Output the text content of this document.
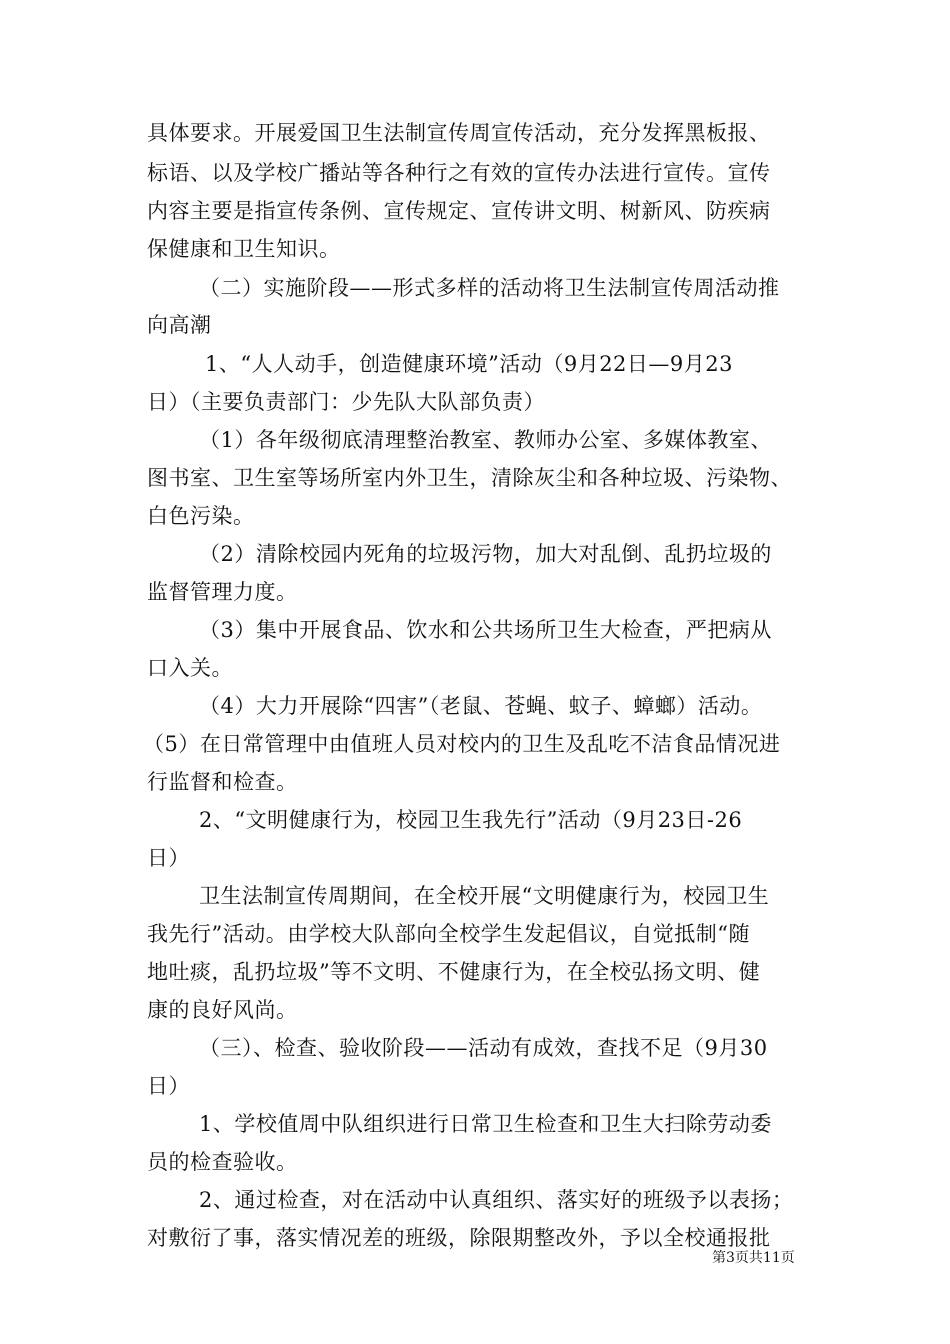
具体要求。开展爱国卫生法制宣传周宣传活动，充分发挥黑板报、
标语、以及学校广播站等各种行之有效的宣传办法进行宣传。宣传
内容主要是指宣传条例、宣传规定、宣传讲文明、树新风、防疾病
保健康和卫生知识。
（二）实施阶段——形式多样的活动将卫生法制宣传周活动推
向高潮
1、“人人动手，创造健康环境”活动（9月22日—9月23
日）（主要负责部门：少先队大队部负责）
（1）各年级彻底清理整治教室、教师办公室、多媒体教室、
图书室、卫生室等场所室内外卫生，清除灰尘和各种垃圾、污染物、
白色污染。
（2）清除校园内死角的垃圾污物，加大对乱倒、乱扔垃圾的
监督管理力度。
（3）集中开展食品、饮水和公共场所卫生大检查，严把病从
口入关。
（4）大力开展除“四害”（老鼠、苍蝇、蚊子、蟑螂）活动。
（5）在日常管理中由值班人员对校内的卫生及乱吃不洁食品情况进
行监督和检查。
2、“文明健康行为，校园卫生我先行”活动（9月23日-26
日）
卫生法制宣传周期间，在全校开展“文明健康行为，校园卫生
我先行”活动。由学校大队部向全校学生发起倡议，自觉抵制“随
地吐痰，乱扔垃圾”等不文明、不健康行为，在全校弘扬文明、健
康的良好风尚。
（三）、检查、验收阶段——活动有成效，查找不足（9月30
日）
1、学校值周中队组织进行日常卫生检查和卫生大扫除劳动委
员的检查验收。
2、通过检查，对在活动中认真组织、落实好的班级予以表扬；
对敷衍了事，落实情况差的班级，除限期整改外，予以全校通报批
第3页共11页
